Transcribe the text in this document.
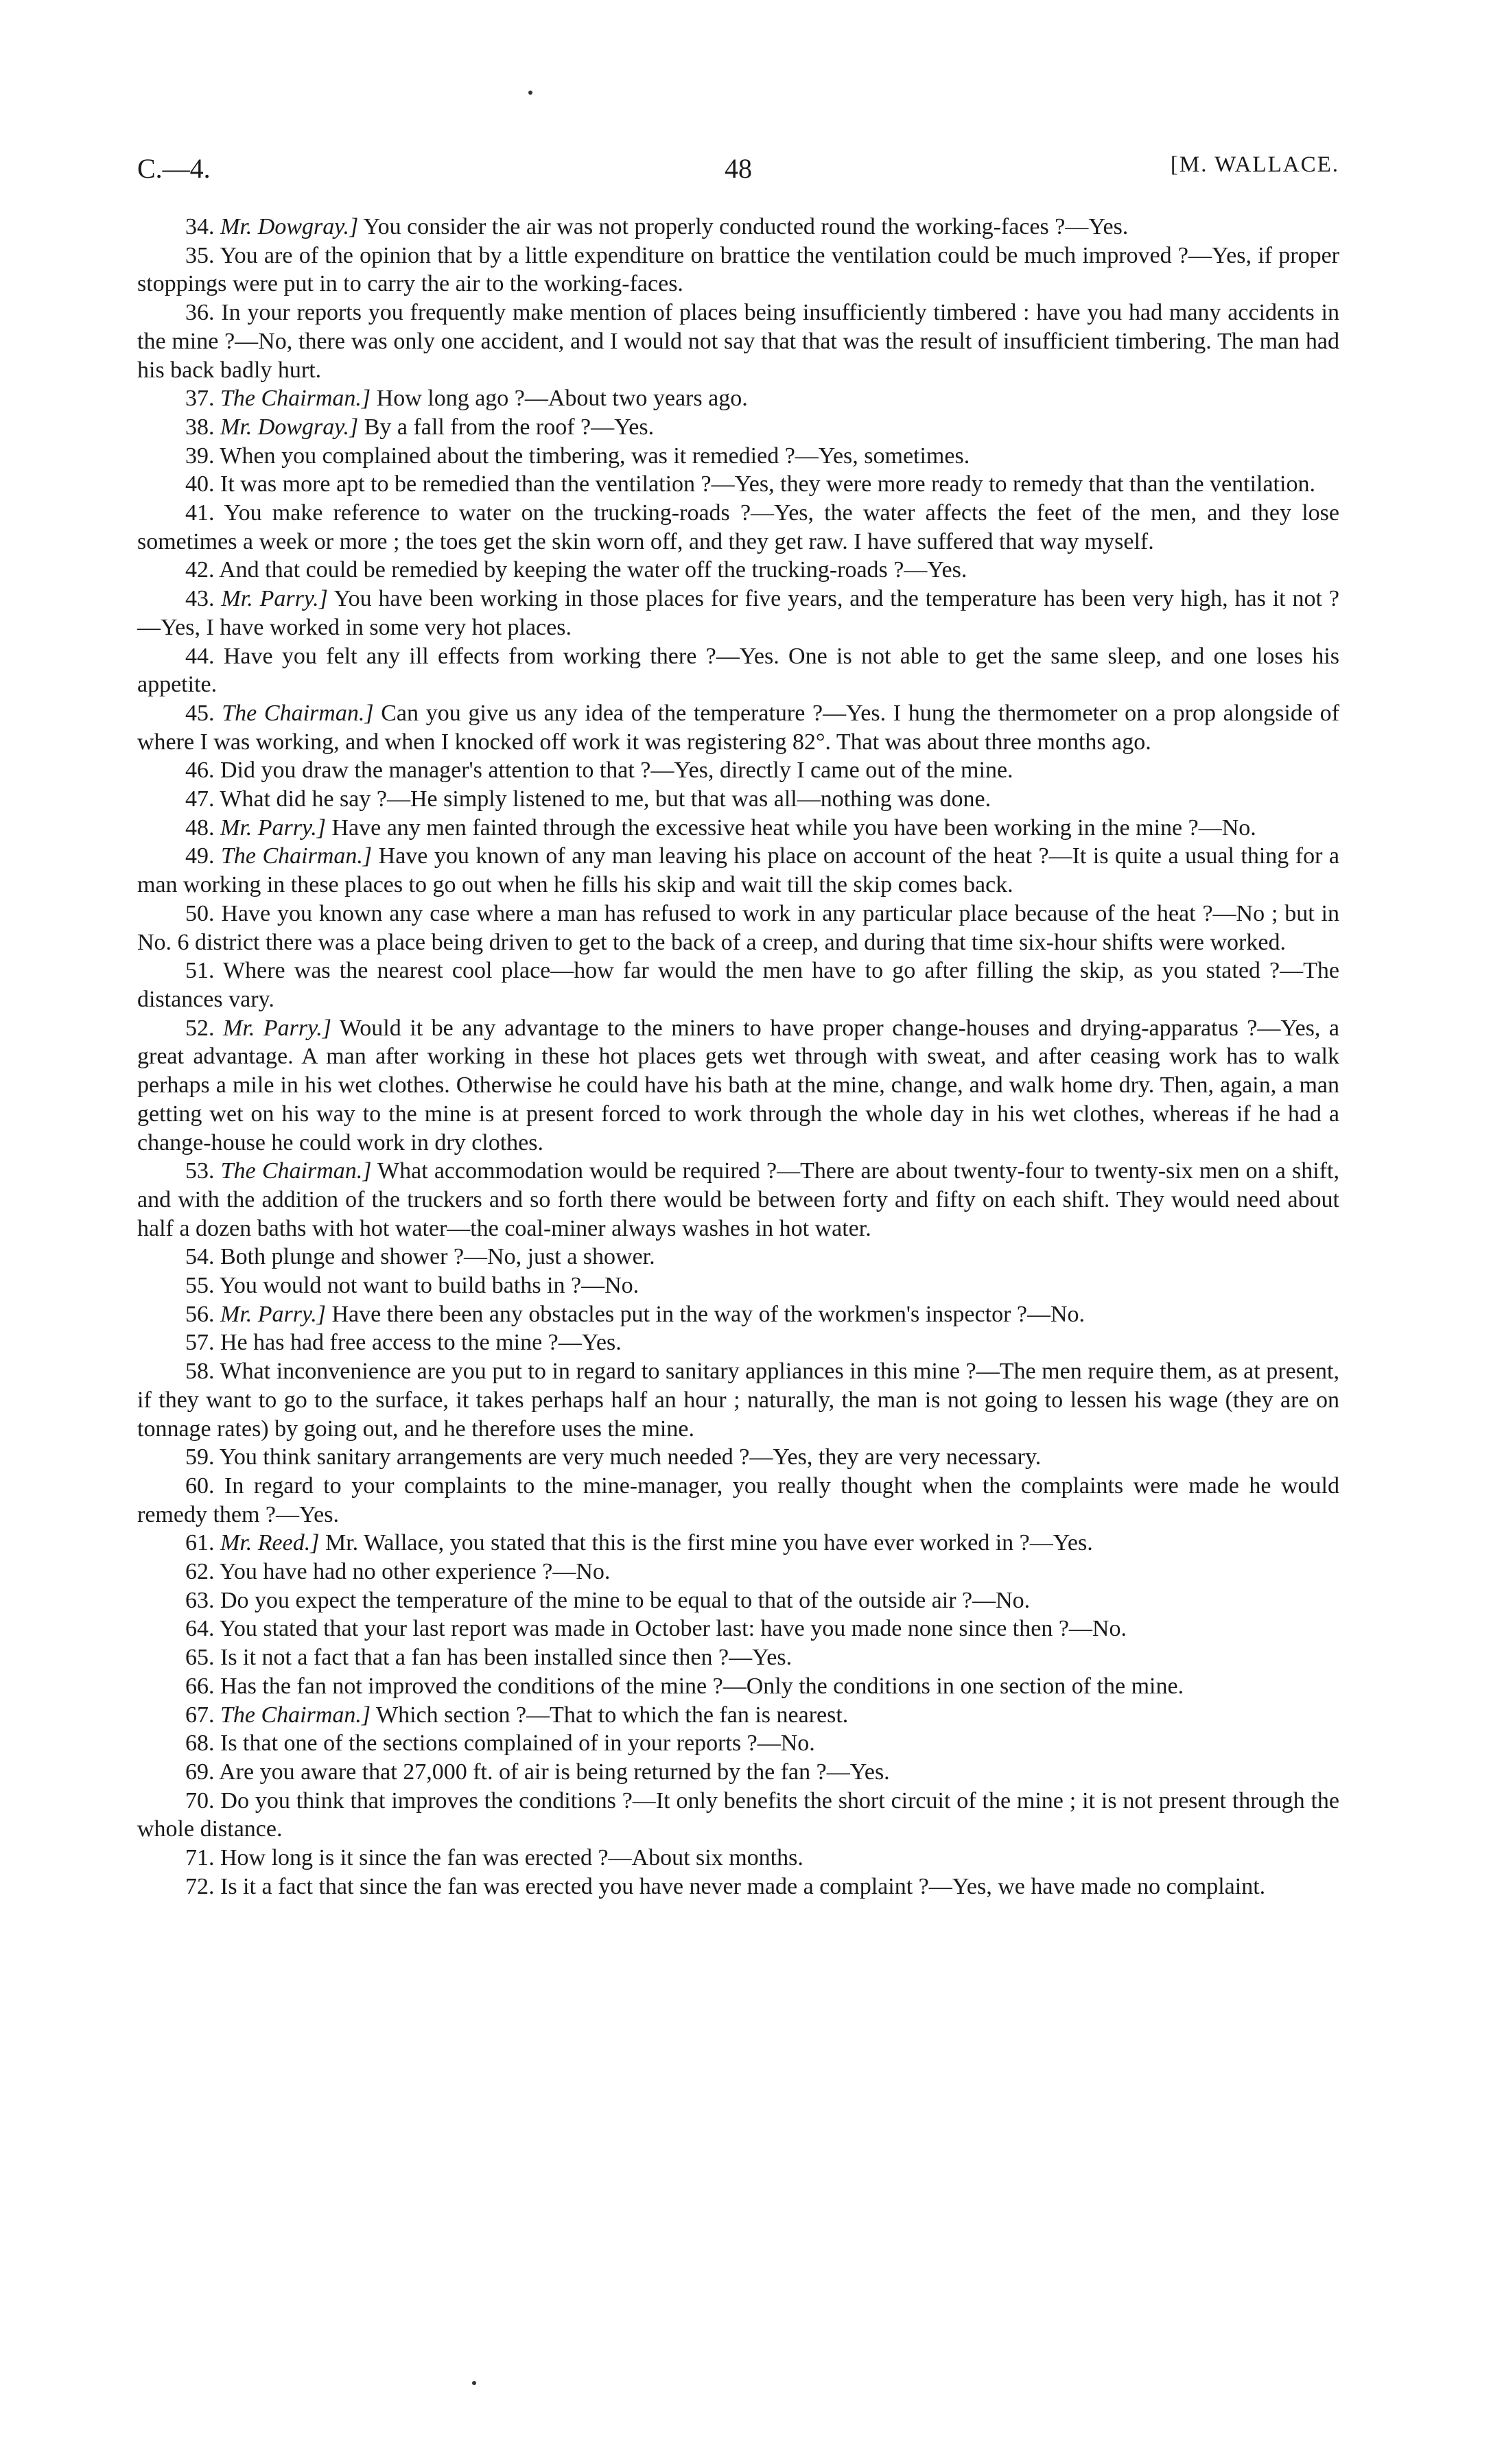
C.—4.	48	[M. WALLACE.

34. Mr. Dowgray.] You consider the air was not properly conducted round the working-faces ?—Yes.

35. You are of the opinion that by a little expenditure on brattice the ventilation could be much improved ?—Yes, if proper stoppings were put in to carry the air to the working-faces.

36. In your reports you frequently make mention of places being insufficiently timbered : have you had many accidents in the mine ?—No, there was only one accident, and I would not say that that was the result of insufficient timbering. The man had his back badly hurt.

37. The Chairman.] How long ago ?—About two years ago.

38. Mr. Dowgray.] By a fall from the roof ?—Yes.

39. When you complained about the timbering, was it remedied ?—Yes, sometimes.

40. It was more apt to be remedied than the ventilation ?—Yes, they were more ready to remedy that than the ventilation.

41. You make reference to water on the trucking-roads ?—Yes, the water affects the feet of the men, and they lose sometimes a week or more ; the toes get the skin worn off, and they get raw. I have suffered that way myself.

42. And that could be remedied by keeping the water off the trucking-roads ?—Yes.

43. Mr. Parry.] You have been working in those places for five years, and the temperature has been very high, has it not ?—Yes, I have worked in some very hot places.

44. Have you felt any ill effects from working there ?—Yes. One is not able to get the same sleep, and one loses his appetite.

45. The Chairman.] Can you give us any idea of the temperature ?—Yes. I hung the thermometer on a prop alongside of where I was working, and when I knocked off work it was registering 82°. That was about three months ago.

46. Did you draw the manager's attention to that ?—Yes, directly I came out of the mine.

47. What did he say ?—He simply listened to me, but that was all—nothing was done.

48. Mr. Parry.] Have any men fainted through the excessive heat while you have been working in the mine ?—No.

49. The Chairman.] Have you known of any man leaving his place on account of the heat ?—It is quite a usual thing for a man working in these places to go out when he fills his skip and wait till the skip comes back.

50. Have you known any case where a man has refused to work in any particular place because of the heat ?—No ; but in No. 6 district there was a place being driven to get to the back of a creep, and during that time six-hour shifts were worked.

51. Where was the nearest cool place—how far would the men have to go after filling the skip, as you stated ?—The distances vary.

52. Mr. Parry.] Would it be any advantage to the miners to have proper change-houses and drying-apparatus ?—Yes, a great advantage. A man after working in these hot places gets wet through with sweat, and after ceasing work has to walk perhaps a mile in his wet clothes. Otherwise he could have his bath at the mine, change, and walk home dry. Then, again, a man getting wet on his way to the mine is at present forced to work through the whole day in his wet clothes, whereas if he had a change-house he could work in dry clothes.

53. The Chairman.] What accommodation would be required ?—There are about twenty-four to twenty-six men on a shift, and with the addition of the truckers and so forth there would be between forty and fifty on each shift. They would need about half a dozen baths with hot water—the coal-miner always washes in hot water.

54. Both plunge and shower ?—No, just a shower.

55. You would not want to build baths in ?—No.

56. Mr. Parry.] Have there been any obstacles put in the way of the workmen's inspector ?—No.

57. He has had free access to the mine ?—Yes.

58. What inconvenience are you put to in regard to sanitary appliances in this mine ?—The men require them, as at present, if they want to go to the surface, it takes perhaps half an hour ; naturally, the man is not going to lessen his wage (they are on tonnage rates) by going out, and he therefore uses the mine.

59. You think sanitary arrangements are very much needed ?—Yes, they are very necessary.

60. In regard to your complaints to the mine-manager, you really thought when the complaints were made he would remedy them ?—Yes.

61. Mr. Reed.] Mr. Wallace, you stated that this is the first mine you have ever worked in ?—Yes.

62. You have had no other experience ?—No.

63. Do you expect the temperature of the mine to be equal to that of the outside air ?—No.

64. You stated that your last report was made in October last: have you made none since then ?—No.

65. Is it not a fact that a fan has been installed since then ?—Yes.

66. Has the fan not improved the conditions of the mine ?—Only the conditions in one section of the mine.

67. The Chairman.] Which section ?—That to which the fan is nearest.

68. Is that one of the sections complained of in your reports ?—No.

69. Are you aware that 27,000 ft. of air is being returned by the fan ?—Yes.

70. Do you think that improves the conditions ?—It only benefits the short circuit of the mine ; it is not present through the whole distance.

71. How long is it since the fan was erected ?—About six months.

72. Is it a fact that since the fan was erected you have never made a complaint ?—Yes, we have made no complaint.
